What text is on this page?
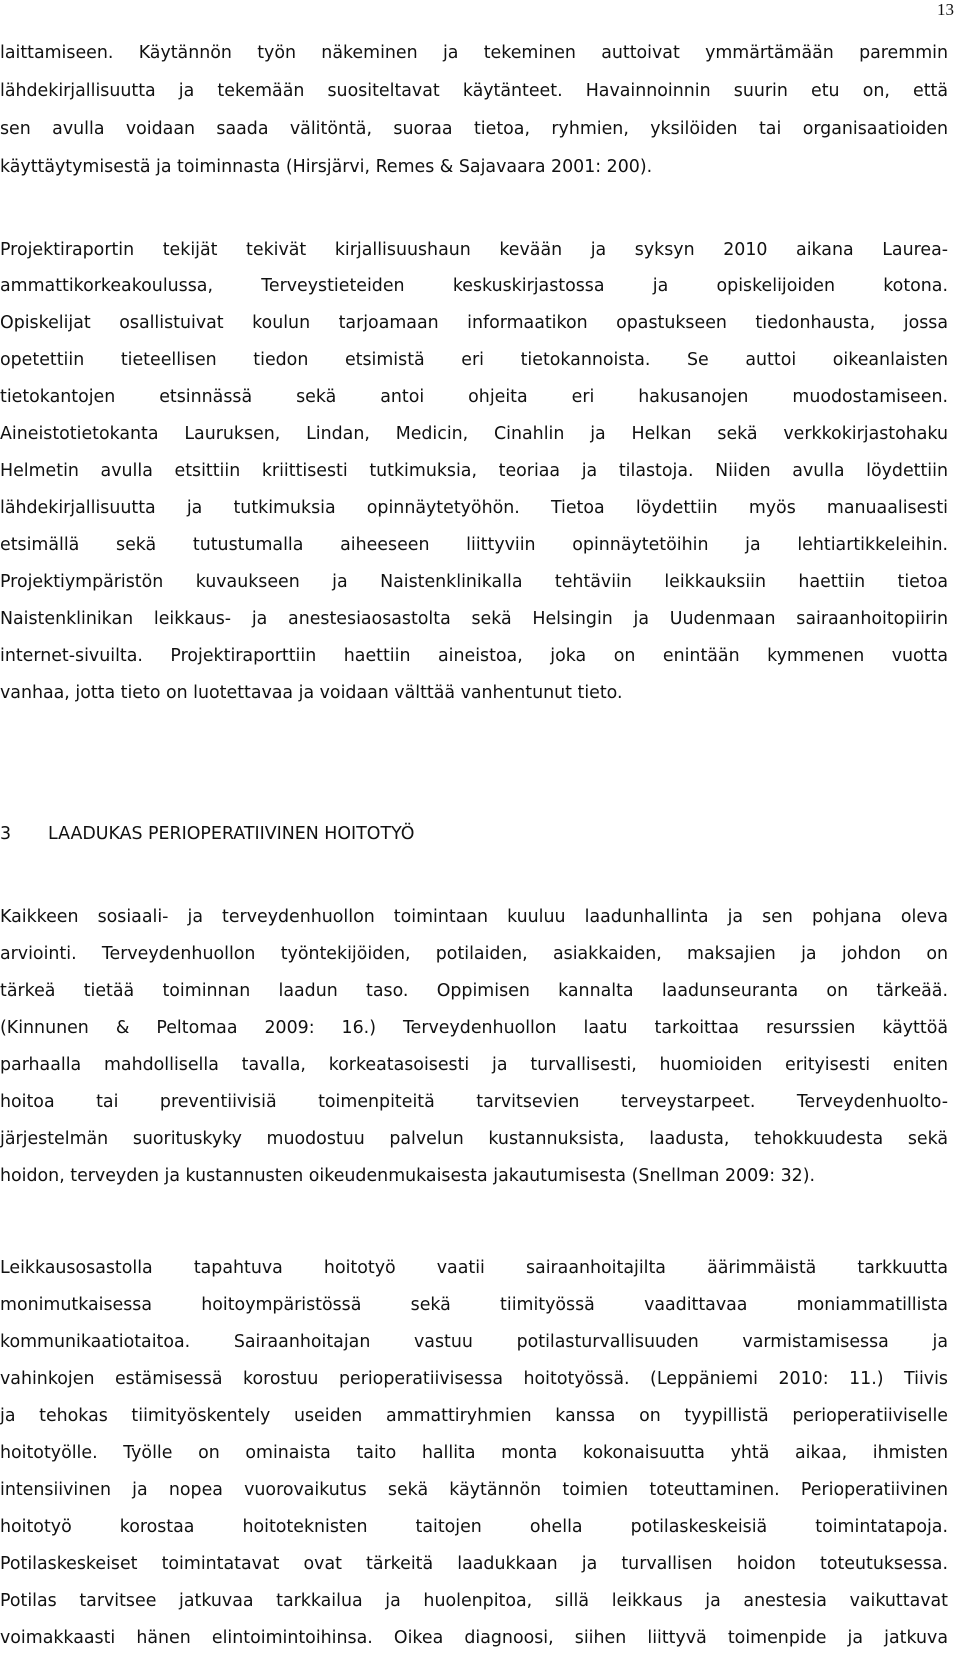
13
laittamiseen. Käytännön työn näkeminen ja tekeminen auttoivat ymmärtämään paremmin
lähdekirjallisuutta ja tekemään suositeltavat käytänteet. Havainnoinnin suurin etu on, että
sen avulla voidaan saada välitöntä, suoraa tietoa, ryhmien, yksilöiden tai organisaatioiden
käyttäytymisestä ja toiminnasta (Hirsjärvi, Remes & Sajavaara 2001: 200).
Projektiraportin tekijät tekivät kirjallisuushaun kevään ja syksyn 2010 aikana Laurea-
ammattikorkeakoulussa, Terveystieteiden keskuskirjastossa ja opiskelijoiden kotona.
Opiskelijat osallistuivat koulun tarjoamaan informaatikon opastukseen tiedonhausta, jossa
opetettiin tieteellisen tiedon etsimistä eri tietokannoista. Se auttoi oikeanlaisten
tietokantojen etsinnässä sekä antoi ohjeita eri hakusanojen muodostamiseen.
Aineistotietokanta Lauruksen, Lindan, Medicin, Cinahlin ja Helkan sekä verkkokirjastohaku
Helmetin avulla etsittiin kriittisesti tutkimuksia, teoriaa ja tilastoja. Niiden avulla löydettiin
lähdekirjallisuutta ja tutkimuksia opinnäytetyöhön. Tietoa löydettiin myös manuaalisesti
etsimällä sekä tutustumalla aiheeseen liittyviin opinnäytetöihin ja lehtiartikkeleihin.
Projektiympäristön kuvaukseen ja Naistenklinikalla tehtäviin leikkauksiin haettiin tietoa
Naistenklinikan leikkaus- ja anestesiaosastolta sekä Helsingin ja Uudenmaan sairaanhoitopiirin
internet-sivuilta. Projektiraporttiin haettiin aineistoa, joka on enintään kymmenen vuotta
vanhaa, jotta tieto on luotettavaa ja voidaan välttää vanhentunut tieto.
3 LAADUKAS PERIOPERATIIVINEN HOITOTYÖ
Kaikkeen sosiaali- ja terveydenhuollon toimintaan kuuluu laadunhallinta ja sen pohjana oleva
arviointi. Terveydenhuollon työntekijöiden, potilaiden, asiakkaiden, maksajien ja johdon on
tärkeä tietää toiminnan laadun taso. Oppimisen kannalta laadunseuranta on tärkeää.
(Kinnunen & Peltomaa 2009: 16.) Terveydenhuollon laatu tarkoittaa resurssien käyttöä
parhaalla mahdollisella tavalla, korkeatasoisesti ja turvallisesti, huomioiden erityisesti eniten
hoitoa tai preventiivisiä toimenpiteitä tarvitsevien terveystarpeet. Terveydenhuolto-
järjestelmän suorituskyky muodostuu palvelun kustannuksista, laadusta, tehokkuudesta sekä
hoidon, terveyden ja kustannusten oikeudenmukaisesta jakautumisesta (Snellman 2009: 32).
Leikkausosastolla tapahtuva hoitotyö vaatii sairaanhoitajilta äärimmäistä tarkkuutta
monimutkaisessa hoitoympäristössä sekä tiimityössä vaadittavaa moniammatillista
kommunikaatiotaitoa. Sairaanhoitajan vastuu potilasturvallisuuden varmistamisessa ja
vahinkojen estämisessä korostuu perioperatiivisessa hoitotyössä. (Leppäniemi 2010: 11.) Tiivis
ja tehokas tiimityöskentely useiden ammattiryhmien kanssa on tyypillistä perioperatiiviselle
hoitotyölle. Työlle on ominaista taito hallita monta kokonaisuutta yhtä aikaa, ihmisten
intensiivinen ja nopea vuorovaikutus sekä käytännön toimien toteuttaminen. Perioperatiivinen
hoitotyö korostaa hoitoteknisten taitojen ohella potilaskeskeisiä toimintatapoja.
Potilaskeskeiset toimintatavat ovat tärkeitä laadukkaan ja turvallisen hoidon toteutuksessa.
Potilas tarvitsee jatkuvaa tarkkailua ja huolenpitoa, sillä leikkaus ja anestesia vaikuttavat
voimakkaasti hänen elintoimintoihinsa. Oikea diagnoosi, siihen liittyvä toimenpide ja jatkuva
